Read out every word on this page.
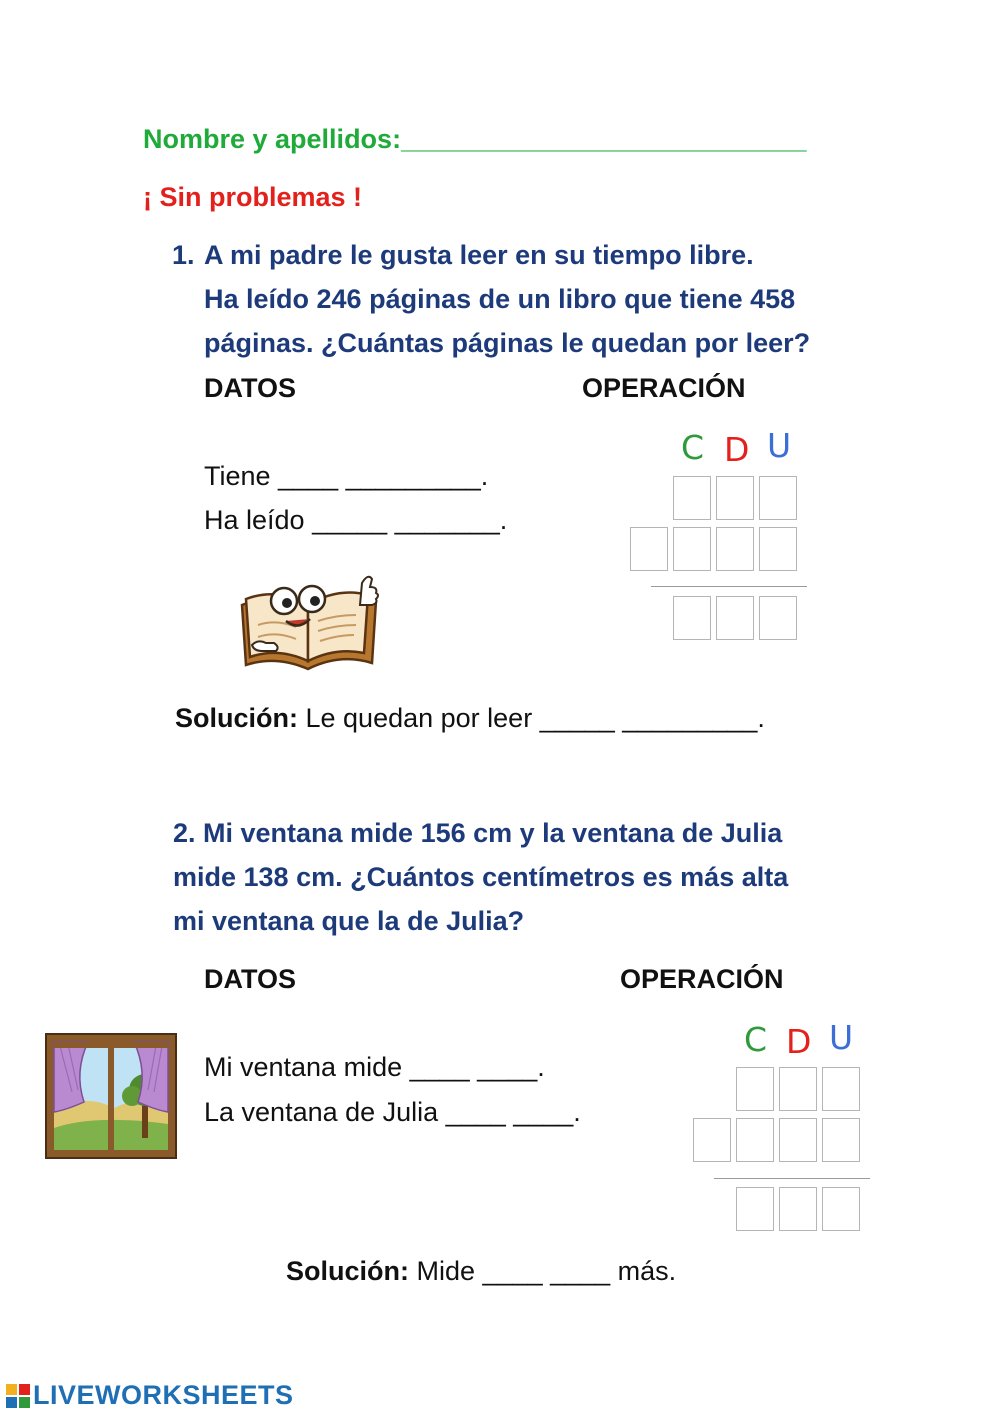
Nombre y apellidos:___________________________
¡ Sin problemas !
1. A mi padre le gusta leer en su tiempo libre.
Ha leído 246 páginas de un libro que tiene 458
páginas. ¿Cuántas páginas le quedan por leer?
DATOS	OPERACIÓN
Tiene ____ _________.
Ha leído _____ _______.
C D U
Solución: Le quedan por leer _____ _________.
2. Mi ventana mide 156 cm y la ventana de Julia
mide 138 cm. ¿Cuántos centímetros es más alta
mi ventana que la de Julia?
DATOS	OPERACIÓN
Mi ventana mide ____ ____.
La ventana de Julia ____ ____.
C D U
Solución: Mide ____ ____ más.
LIVEWORKSHEETS
